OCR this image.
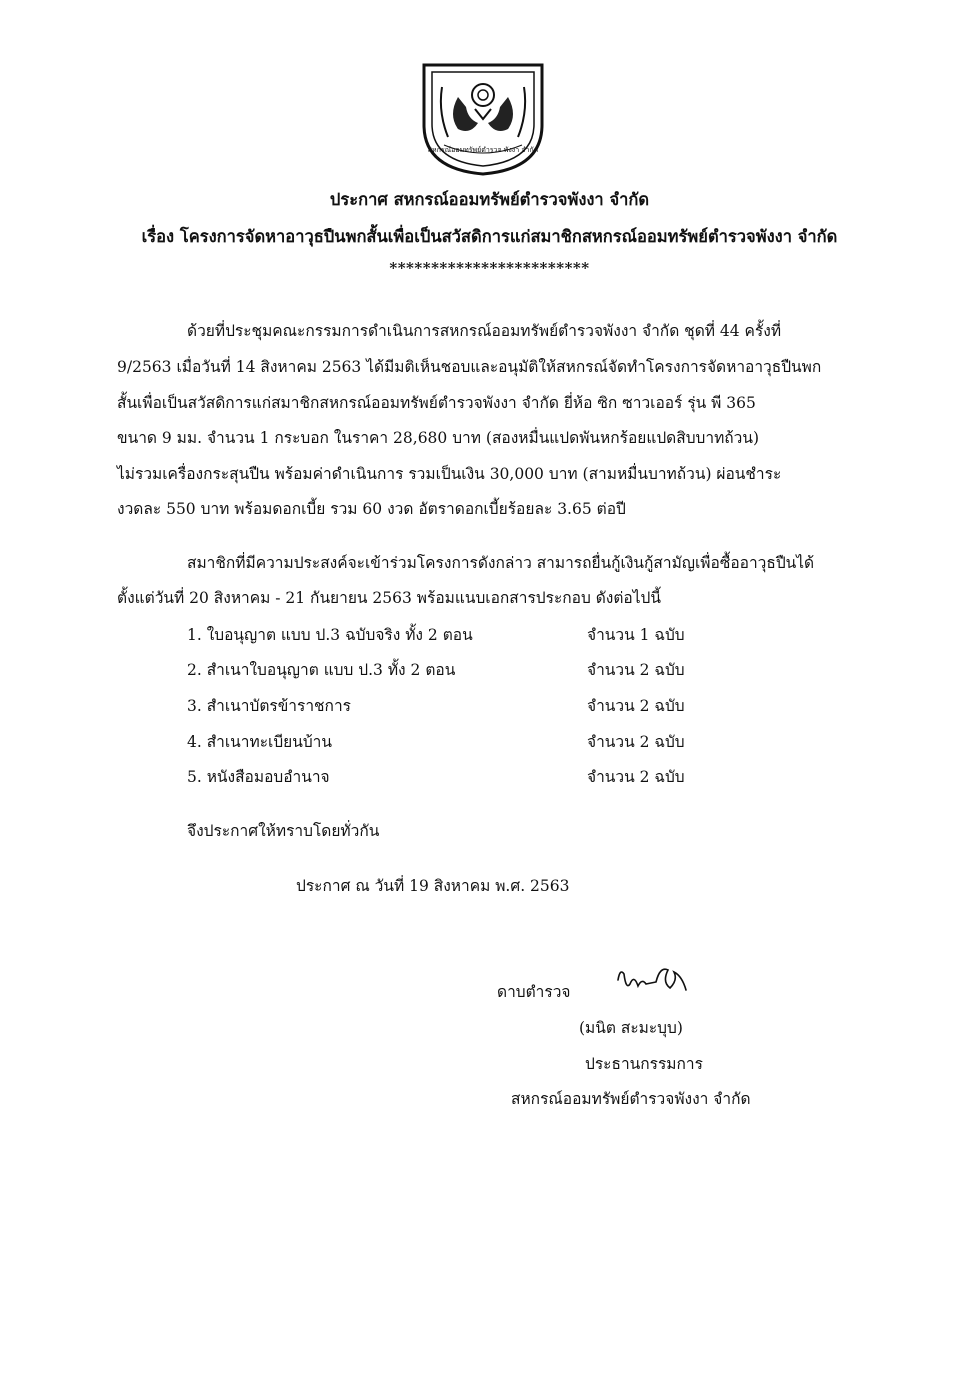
สหกรณ์ออมทรัพย์ตำรวจ พังงา จำกัด
ประกาศ สหกรณ์ออมทรัพย์ตำรวจพังงา จำกัด
เรื่อง โครงการจัดหาอาวุธปืนพกสั้นเพื่อเป็นสวัสดิการแก่สมาชิกสหกรณ์ออมทรัพย์ตำรวจพังงา จำกัด
************************
ด้วยที่ประชุมคณะกรรมการดำเนินการสหกรณ์ออมทรัพย์ตำรวจพังงา จำกัด ชุดที่ 44 ครั้งที่
9/2563 เมื่อวันที่ 14 สิงหาคม 2563 ได้มีมติเห็นชอบและอนุมัติให้สหกรณ์จัดทำโครงการจัดหาอาวุธปืนพก
สั้นเพื่อเป็นสวัสดิการแก่สมาชิกสหกรณ์ออมทรัพย์ตำรวจพังงา จำกัด ยี่ห้อ ซิก ซาวเออร์ รุ่น พี 365
ขนาด 9 มม. จำนวน 1 กระบอก ในราคา 28,680 บาท (สองหมื่นแปดพันหกร้อยแปดสิบบาทถ้วน)
ไม่รวมเครื่องกระสุนปืน พร้อมค่าดำเนินการ รวมเป็นเงิน 30,000 บาท (สามหมื่นบาทถ้วน) ผ่อนชำระ
งวดละ 550 บาท พร้อมดอกเบี้ย รวม 60 งวด อัตราดอกเบี้ยร้อยละ 3.65 ต่อปี
สมาชิกที่มีความประสงค์จะเข้าร่วมโครงการดังกล่าว สามารถยื่นกู้เงินกู้สามัญเพื่อซื้ออาวุธปืนได้
ตั้งแต่วันที่ 20 สิงหาคม - 21 กันยายน 2563 พร้อมแนบเอกสารประกอบ ดังต่อไปนี้
1. ใบอนุญาต แบบ ป.3 ฉบับจริง ทั้ง 2 ตอน	จำนวน 1 ฉบับ
2. สำเนาใบอนุญาต แบบ ป.3 ทั้ง 2 ตอน	จำนวน 2 ฉบับ
3. สำเนาบัตรข้าราชการ	จำนวน 2 ฉบับ
4. สำเนาทะเบียนบ้าน	จำนวน 2 ฉบับ
5. หนังสือมอบอำนาจ	จำนวน 2 ฉบับ
จึงประกาศให้ทราบโดยทั่วกัน
ประกาศ ณ วันที่ 19 สิงหาคม พ.ศ. 2563
ดาบตำรวจ
(มนิต สะมะบุบ)
ประธานกรรมการ
สหกรณ์ออมทรัพย์ตำรวจพังงา จำกัด
